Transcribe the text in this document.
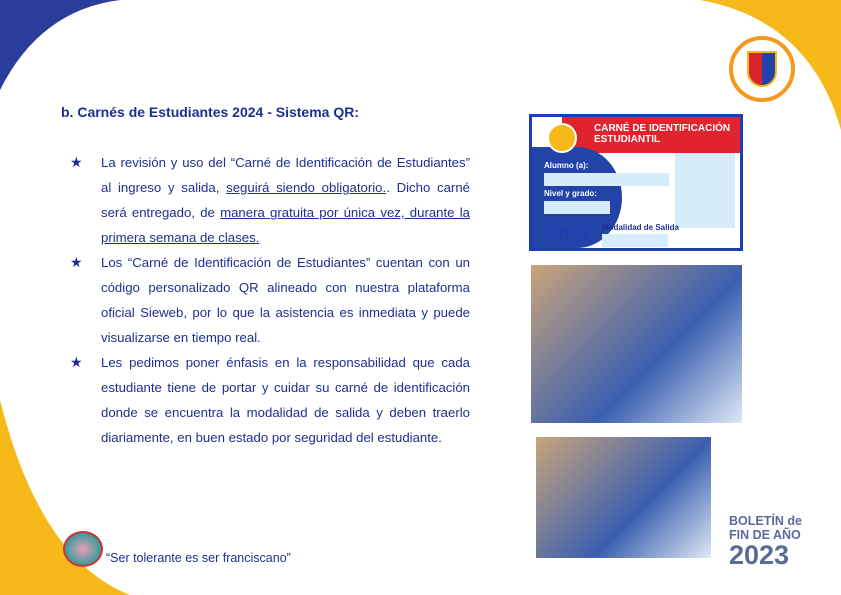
b. Carnés de Estudiantes 2024 - Sistema QR:
★	La revisión y uso del “Carné de Identificación de Estudiantes” al ingreso y salida, seguirá siendo obligatorio.. Dicho carné será entregado, de manera gratuita por única vez, durante la primera semana de clases.
★	Los “Carné de Identificación de Estudiantes” cuentan con un código personalizado QR alineado con nuestra plataforma oficial Sieweb, por lo que la asistencia es inmediata y puede visualizarse en tiempo real.
★	Les pedimos poner énfasis en la responsabilidad que cada estudiante tiene de portar y cuidar su carné de identificación donde se encuentra la modalidad de salida y deben traerlo diariamente, en buen estado por seguridad del estudiante.
CARNÉ DE IDENTIFICACIÓN
ESTUDIANTIL
Alumno (a):
Nivel y grado:
2023 Modalidad de Salida
“Ser tolerante es ser franciscano”
BOLETÍN de
FIN DE AÑO
2023
